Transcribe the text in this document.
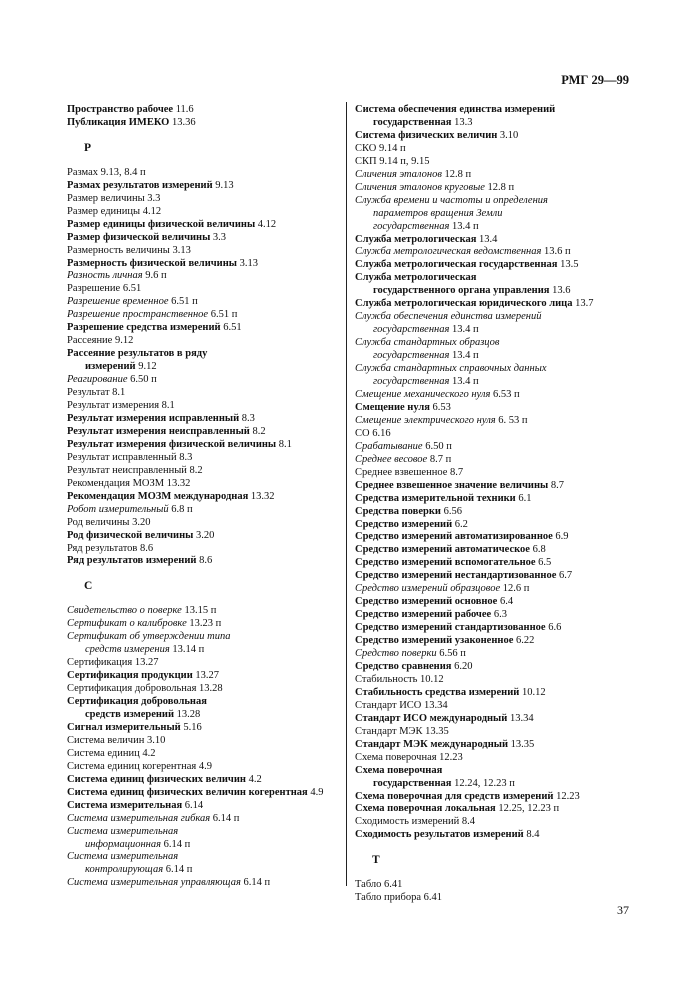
РМГ 29—99
Пространство рабочее 11.6
Публикация ИМЕКО 13.36
Р
Размах 9.13, 8.4 п
Размах результатов измерений 9.13
Размер величины 3.3
Размер единицы 4.12
Размер единицы физической величины 4.12
Размер физической величины 3.3
Размерность величины 3.13
Размерность физической величины 3.13
Разность личная 9.6 п
Разрешение 6.51
Разрешение временное 6.51 п
Разрешение пространственное 6.51 п
Разрешение средства измерений 6.51
Рассеяние 9.12
Рассеяние результатов в ряду
измерений 9.12
Реагирование 6.50 п
Результат 8.1
Результат измерения 8.1
Результат измерения исправленный 8.3
Результат измерения неисправленный 8.2
Результат измерения физической величины 8.1
Результат исправленный 8.3
Результат неисправленный 8.2
Рекомендация МОЗМ 13.32
Рекомендация МОЗМ международная 13.32
Робот измерительный 6.8 п
Род величины 3.20
Род физической величины 3.20
Ряд результатов 8.6
Ряд результатов измерений 8.6
С
Свидетельство о поверке 13.15 п
Сертификат о калибровке 13.23 п
Сертификат об утверждении типа
средств измерения 13.14 п
Сертификация 13.27
Сертификация продукции 13.27
Сертификация добровольная 13.28
Сертификация добровольная
средств измерений 13.28
Сигнал измерительный 5.16
Система величин 3.10
Система единиц 4.2
Система единиц когерентная 4.9
Система единиц физических величин 4.2
Система единиц физических величин когерентная 4.9
Система измерительная 6.14
Система измерительная гибкая 6.14 п
Система измерительная
информационная 6.14 п
Система измерительная
контролирующая 6.14 п
Система измерительная управляющая 6.14 п
Система обеспечения единства измерений
государственная 13.3
Система физических величин 3.10
СКО 9.14 п
СКП 9.14 п, 9.15
Сличения эталонов 12.8 п
Сличения эталонов круговые 12.8 п
Служба времени и частоты и определения
параметров вращения Земли
государственная 13.4 п
Служба метрологическая 13.4
Служба метрологическая ведомственная 13.6 п
Служба метрологическая государственная 13.5
Служба метрологическая
государственного органа управления 13.6
Служба метрологическая юридического лица 13.7
Служба обеспечения единства измерений
государственная 13.4 п
Служба стандартных образцов
государственная 13.4 п
Служба стандартных справочных данных
государственная 13.4 п
Смещение механического нуля 6.53 п
Смещение нуля 6.53
Смещение электрического нуля 6. 53 п
СО 6.16
Срабатывание 6.50 п
Среднее весовое 8.7 п
Среднее взвешенное 8.7
Среднее взвешенное значение величины 8.7
Средства измерительной техники 6.1
Средства поверки 6.56
Средство измерений 6.2
Средство измерений автоматизированное 6.9
Средство измерений автоматическое 6.8
Средство измерений вспомогательное 6.5
Средство измерений нестандартизованное 6.7
Средство измерений образцовое 12.6 п
Средство измерений основное 6.4
Средство измерений рабочее 6.3
Средство измерений стандартизованное 6.6
Средство измерений узаконенное 6.22
Средство поверки 6.56 п
Средство сравнения 6.20
Стабильность 10.12
Стабильность средства измерений 10.12
Стандарт ИСО 13.34
Стандарт ИСО международный 13.34
Стандарт МЭК 13.35
Стандарт МЭК международный 13.35
Схема поверочная 12.23
Схема поверочная
государственная 12.24, 12.23 п
Схема поверочная для средств измерений 12.23
Схема поверочная локальная 12.25, 12.23 п
Сходимость измерений 8.4
Сходимость результатов измерений 8.4
Т
Табло 6.41
Табло прибора 6.41
37
